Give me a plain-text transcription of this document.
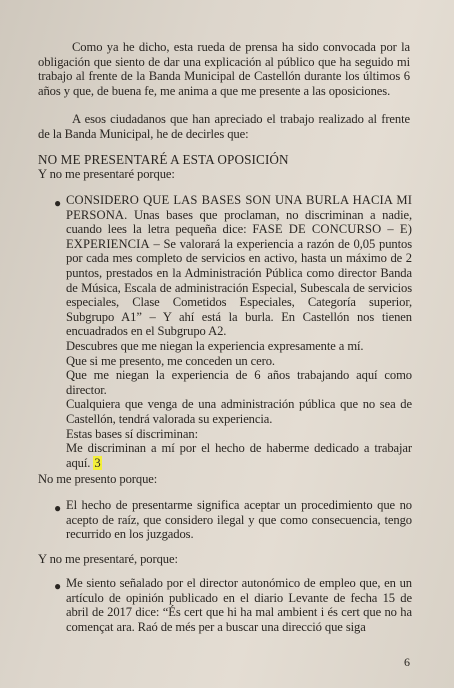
Como ya he dicho, esta rueda de prensa ha sido convocada por la obligación que siento de dar una explicación al público que ha seguido mi trabajo al frente de la Banda Municipal de Castellón durante los últimos 6 años y que, de buena fe, me anima a que me presente a las oposiciones.

A esos ciudadanos que han apreciado el trabajo realizado al frente de la Banda Municipal, he de decirles que:

NO ME PRESENTARÉ A ESTA OPOSICIÓN
Y no me presentaré porque:
● CONSIDERO QUE LAS BASES SON UNA BURLA HACIA MI PERSONA. Unas bases que proclaman, no discriminan a nadie, cuando lees la letra pequeña dice: FASE DE CONCURSO – E) EXPERIENCIA – Se valorará la experiencia a razón de 0,05 puntos por cada mes completo de servicios en activo, hasta un máximo de 2 puntos, prestados en la Administración Pública como director Banda de Música, Escala de administración Especial, Subescala de servicios especiales, Clase Cometidos Especiales, Categoría superior, Subgrupo A1” – Y ahí está la burla. En Castellón nos tienen encuadrados en el Subgrupo A2.

Descubres que me niegan la experiencia expresamente a mí.

Que si me presento, me conceden un cero.

Que me niegan la experiencia de 6 años trabajando aquí como director.

Cualquiera que venga de una administración pública que no sea de Castellón, tendrá valorada su experiencia.

Estas bases sí discriminan:

Me discriminan a mí por el hecho de haberme dedicado a trabajar aquí. 3

No me presento porque:
● El hecho de presentarme significa aceptar un procedimiento que no acepto de raíz, que considero ilegal y que como consecuencia, tengo recurrido en los juzgados.

Y no me presentaré, porque:
● Me siento señalado por el director autonómico de empleo que, en un artículo de opinión publicado en el diario Levante de fecha 15 de abril de 2017 dice: “És cert que hi ha mal ambient i és cert que no ha començat ara. Raó de més per a buscar una direcció que siga

6
